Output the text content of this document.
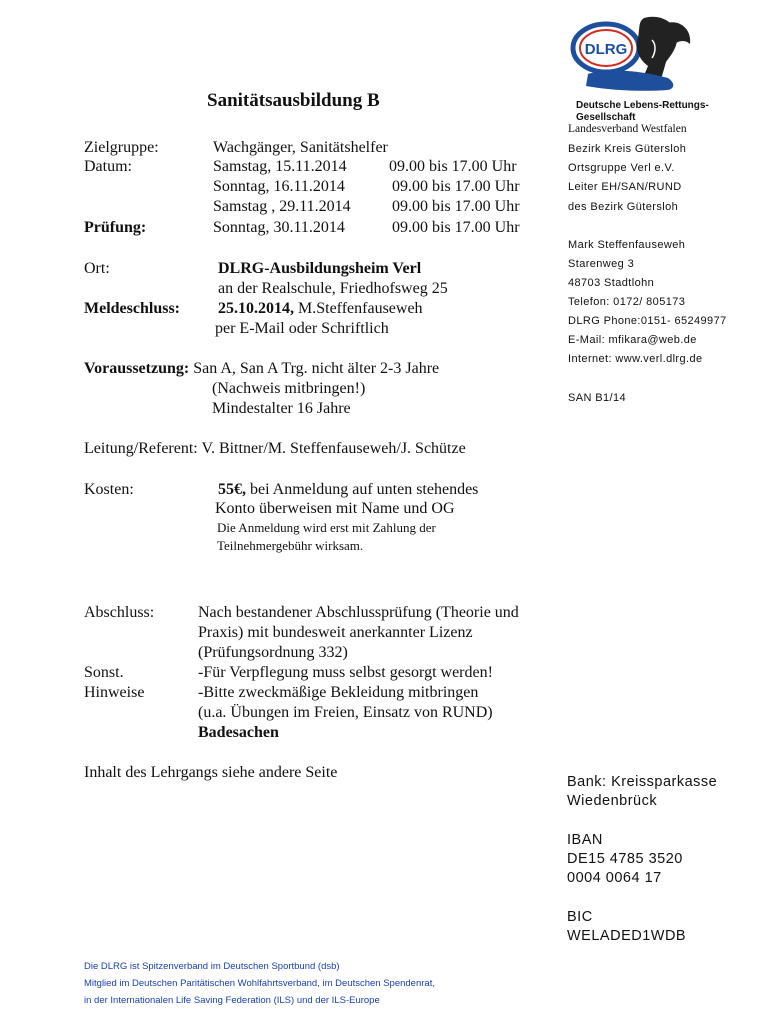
DLRG
Deutsche Lebens-Rettungs-
Gesellschaft
Sanitätsausbildung B
Zielgruppe:	Wachgänger, Sanitätshelfer
Datum:	Samstag, 15.11.2014	09.00 bis 17.00 Uhr
Sonntag, 16.11.2014	09.00 bis 17.00 Uhr
Samstag , 29.11.2014	09.00 bis 17.00 Uhr
Prüfung:	Sonntag, 30.11.2014	09.00 bis 17.00 Uhr
Ort:	DLRG-Ausbildungsheim Verl
an der Realschule, Friedhofsweg 25
Meldeschluss: 25.10.2014, M.Steffenfauseweh
per E-Mail oder Schriftlich
Voraussetzung: San A, San A Trg. nicht älter 2-3 Jahre
(Nachweis mitbringen!)
Mindestalter 16 Jahre
Leitung/Referent: V. Bittner/M. Steffenfauseweh/J. Schütze
Kosten:	55€, bei Anmeldung auf unten stehendes
Konto überweisen mit Name und OG
Die Anmeldung wird erst mit Zahlung der
Teilnehmergebühr wirksam.
Abschluss:	Nach bestandener Abschlussprüfung (Theorie und
Praxis) mit bundesweit anerkannter Lizenz
(Prüfungsordnung 332)
Sonst.
Hinweise
-Für Verpflegung muss selbst gesorgt werden!
-Bitte zweckmäßige Bekleidung mitbringen
(u.a. Übungen im Freien, Einsatz von RUND)
Badesachen
Inhalt des Lehrgangs siehe andere Seite
Landesverband Westfalen
Bezirk Kreis Gütersloh
Ortsgruppe Verl e.V.
Leiter EH/SAN/RUND
des Bezirk Gütersloh
Mark Steffenfauseweh
Starenweg 3
48703 Stadtlohn
Telefon: 0172/ 805173
DLRG Phone:0151- 65249977
E-Mail: mfikara@web.de
Internet: www.verl.dlrg.de
SAN B1/14
Bank: Kreissparkasse
Wiedenbrück
IBAN
DE15 4785 3520
0004 0064 17
BIC
WELADED1WDB
Die DLRG ist Spitzenverband im Deutschen Sportbund (dsb)
Mitglied im Deutschen Paritätischen Wohlfahrtsverband, im Deutschen Spendenrat,
in der Internationalen Life Saving Federation (ILS) und der ILS-Europe
